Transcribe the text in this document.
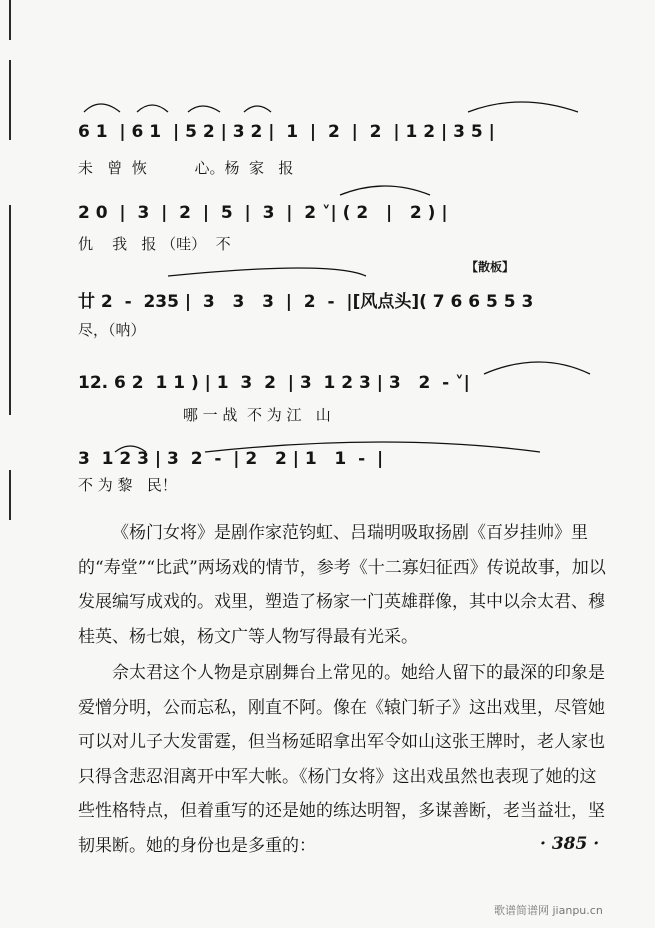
6 1  | 6 1  | 5 2 | 3 2 |  1  |  2  |  2  | 1 2 | 3 5 |
未   曾  恢          心。杨  家   报
2 0  |  3  |  2  |  5  |  3  |  2 ˅| ( 2   |   2 ) |
仇    我   报 （哇）  不
【散板】
廿 2  -  235 |  3   3   3  |  2  -  |[风点头]( 7 6 6 5 5 3
尽，（呐）
12. 6 2  1 1 ) | 1  3  2  | 3  1 2 3 | 3   2  - ˅|
哪 一 战  不 为 江   山
3  1 2 3 | 3  2  -  | 2   2 | 1   1  -  |
不 为 黎   民！

《杨门女将》是剧作家范钧虹、吕瑞明吸取扬剧《百岁挂帅》里的“寿堂”“比武”两场戏的情节，参考《十二寡妇征西》传说故事，加以发展编写成戏的。戏里，塑造了杨家一门英雄群像，其中以佘太君、穆桂英、杨七娘，杨文广等人物写得最有光采。

佘太君这个人物是京剧舞台上常见的。她给人留下的最深的印象是爱憎分明，公而忘私，刚直不阿。像在《辕门斩子》这出戏里，尽管她可以对儿子大发雷霆，但当杨延昭拿出军令如山这张王牌时，老人家也只得含悲忍泪离开中军大帐。《杨门女将》这出戏虽然也表现了她的这些性格特点，但着重写的还是她的练达明智，多谋善断，老当益壮，坚韧果断。她的身份也是多重的：	· 385 ·
歌谱简谱网 jianpu.cn
